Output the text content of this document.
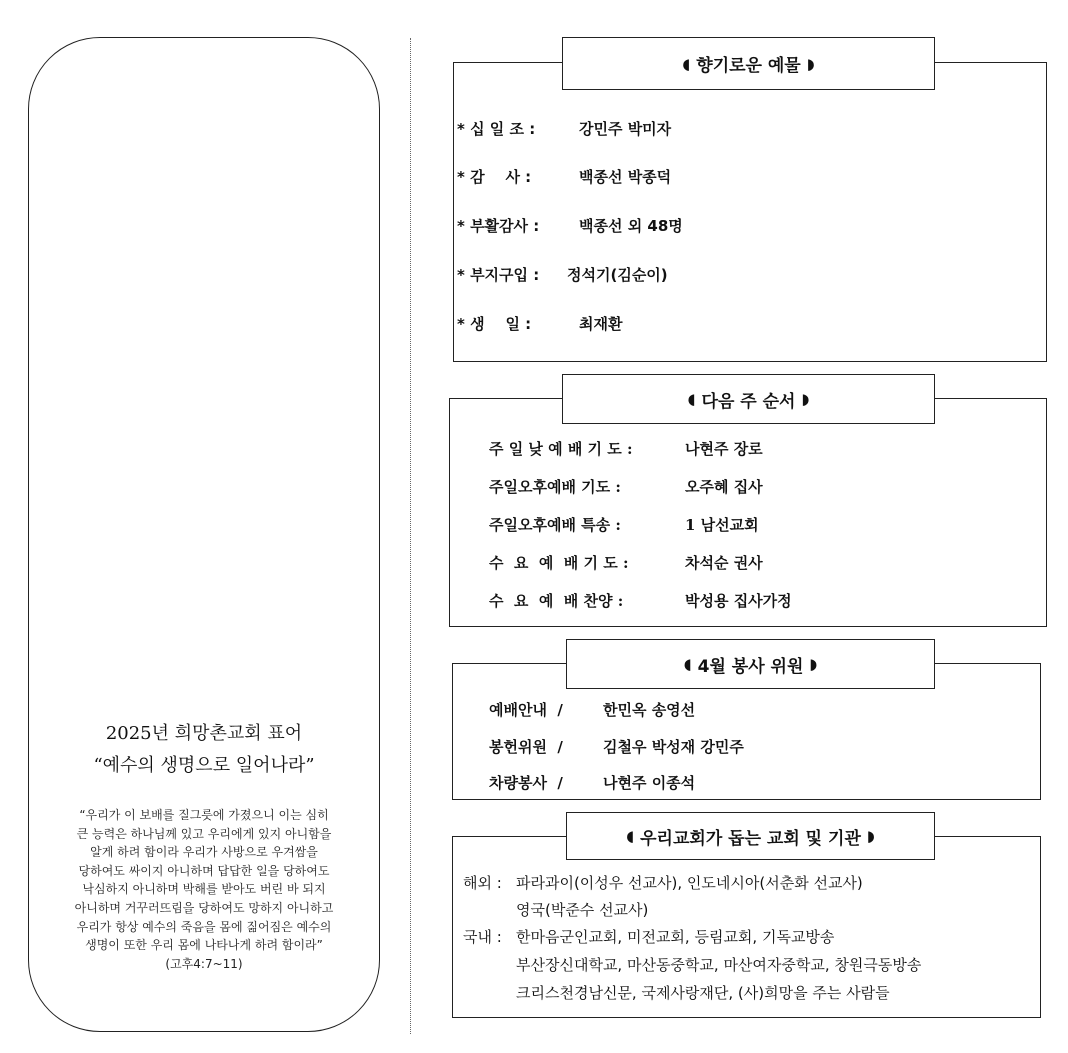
2025년 희망촌교회 표어
“예수의 생명으로 일어나라”
“우리가 이 보배를 질그릇에 가졌으니 이는 심히
큰 능력은 하나님께 있고 우리에게 있지 아니함을
알게 하려 함이라 우리가 사방으로 우겨쌈을
당하여도 싸이지 아니하며 답답한 일을 당하여도
낙심하지 아니하며 박해를 받아도 버린 바 되지
아니하며 거꾸러뜨림을 당하여도 망하지 아니하고
우리가 항상 예수의 죽음을 몸에 짊어짐은 예수의
생명이 또한 우리 몸에 나타나게 하려 함이라”
(고후4:7~11)
◖ 향기로운 예물 ◗
* 십 일 조 :	강민주 박미자
* 감    사 :	백종선 박종덕
* 부활감사 :	백종선 외 48명
* 부지구입 : 정석기(김순이)
* 생    일 :	최재환
◖ 다음 주 순서 ◗
주 일 낮 예 배 기 도 :	나현주 장로
주일오후예배 기도 :	오주혜 집사
주일오후예배 특송 :	1 남선교회
수  요  예  배 기 도 :	차석순 권사
수  요  예  배 찬양 :	박성용 집사가정
◖ 4월 봉사 위원 ◗
예배안내  /	한민옥 송영선
봉헌위원  /	김철우 박성재 강민주
차량봉사  /	나현주 이종석
◖ 우리교회가 돕는 교회 및 기관 ◗
해외 : 파라과이(이성우 선교사), 인도네시아(서춘화 선교사)
영국(박준수 선교사)
국내 : 한마음군인교회, 미전교회, 등림교회, 기독교방송
부산장신대학교, 마산동중학교, 마산여자중학교, 창원극동방송
크리스천경남신문, 국제사랑재단, (사)희망을 주는 사람들
